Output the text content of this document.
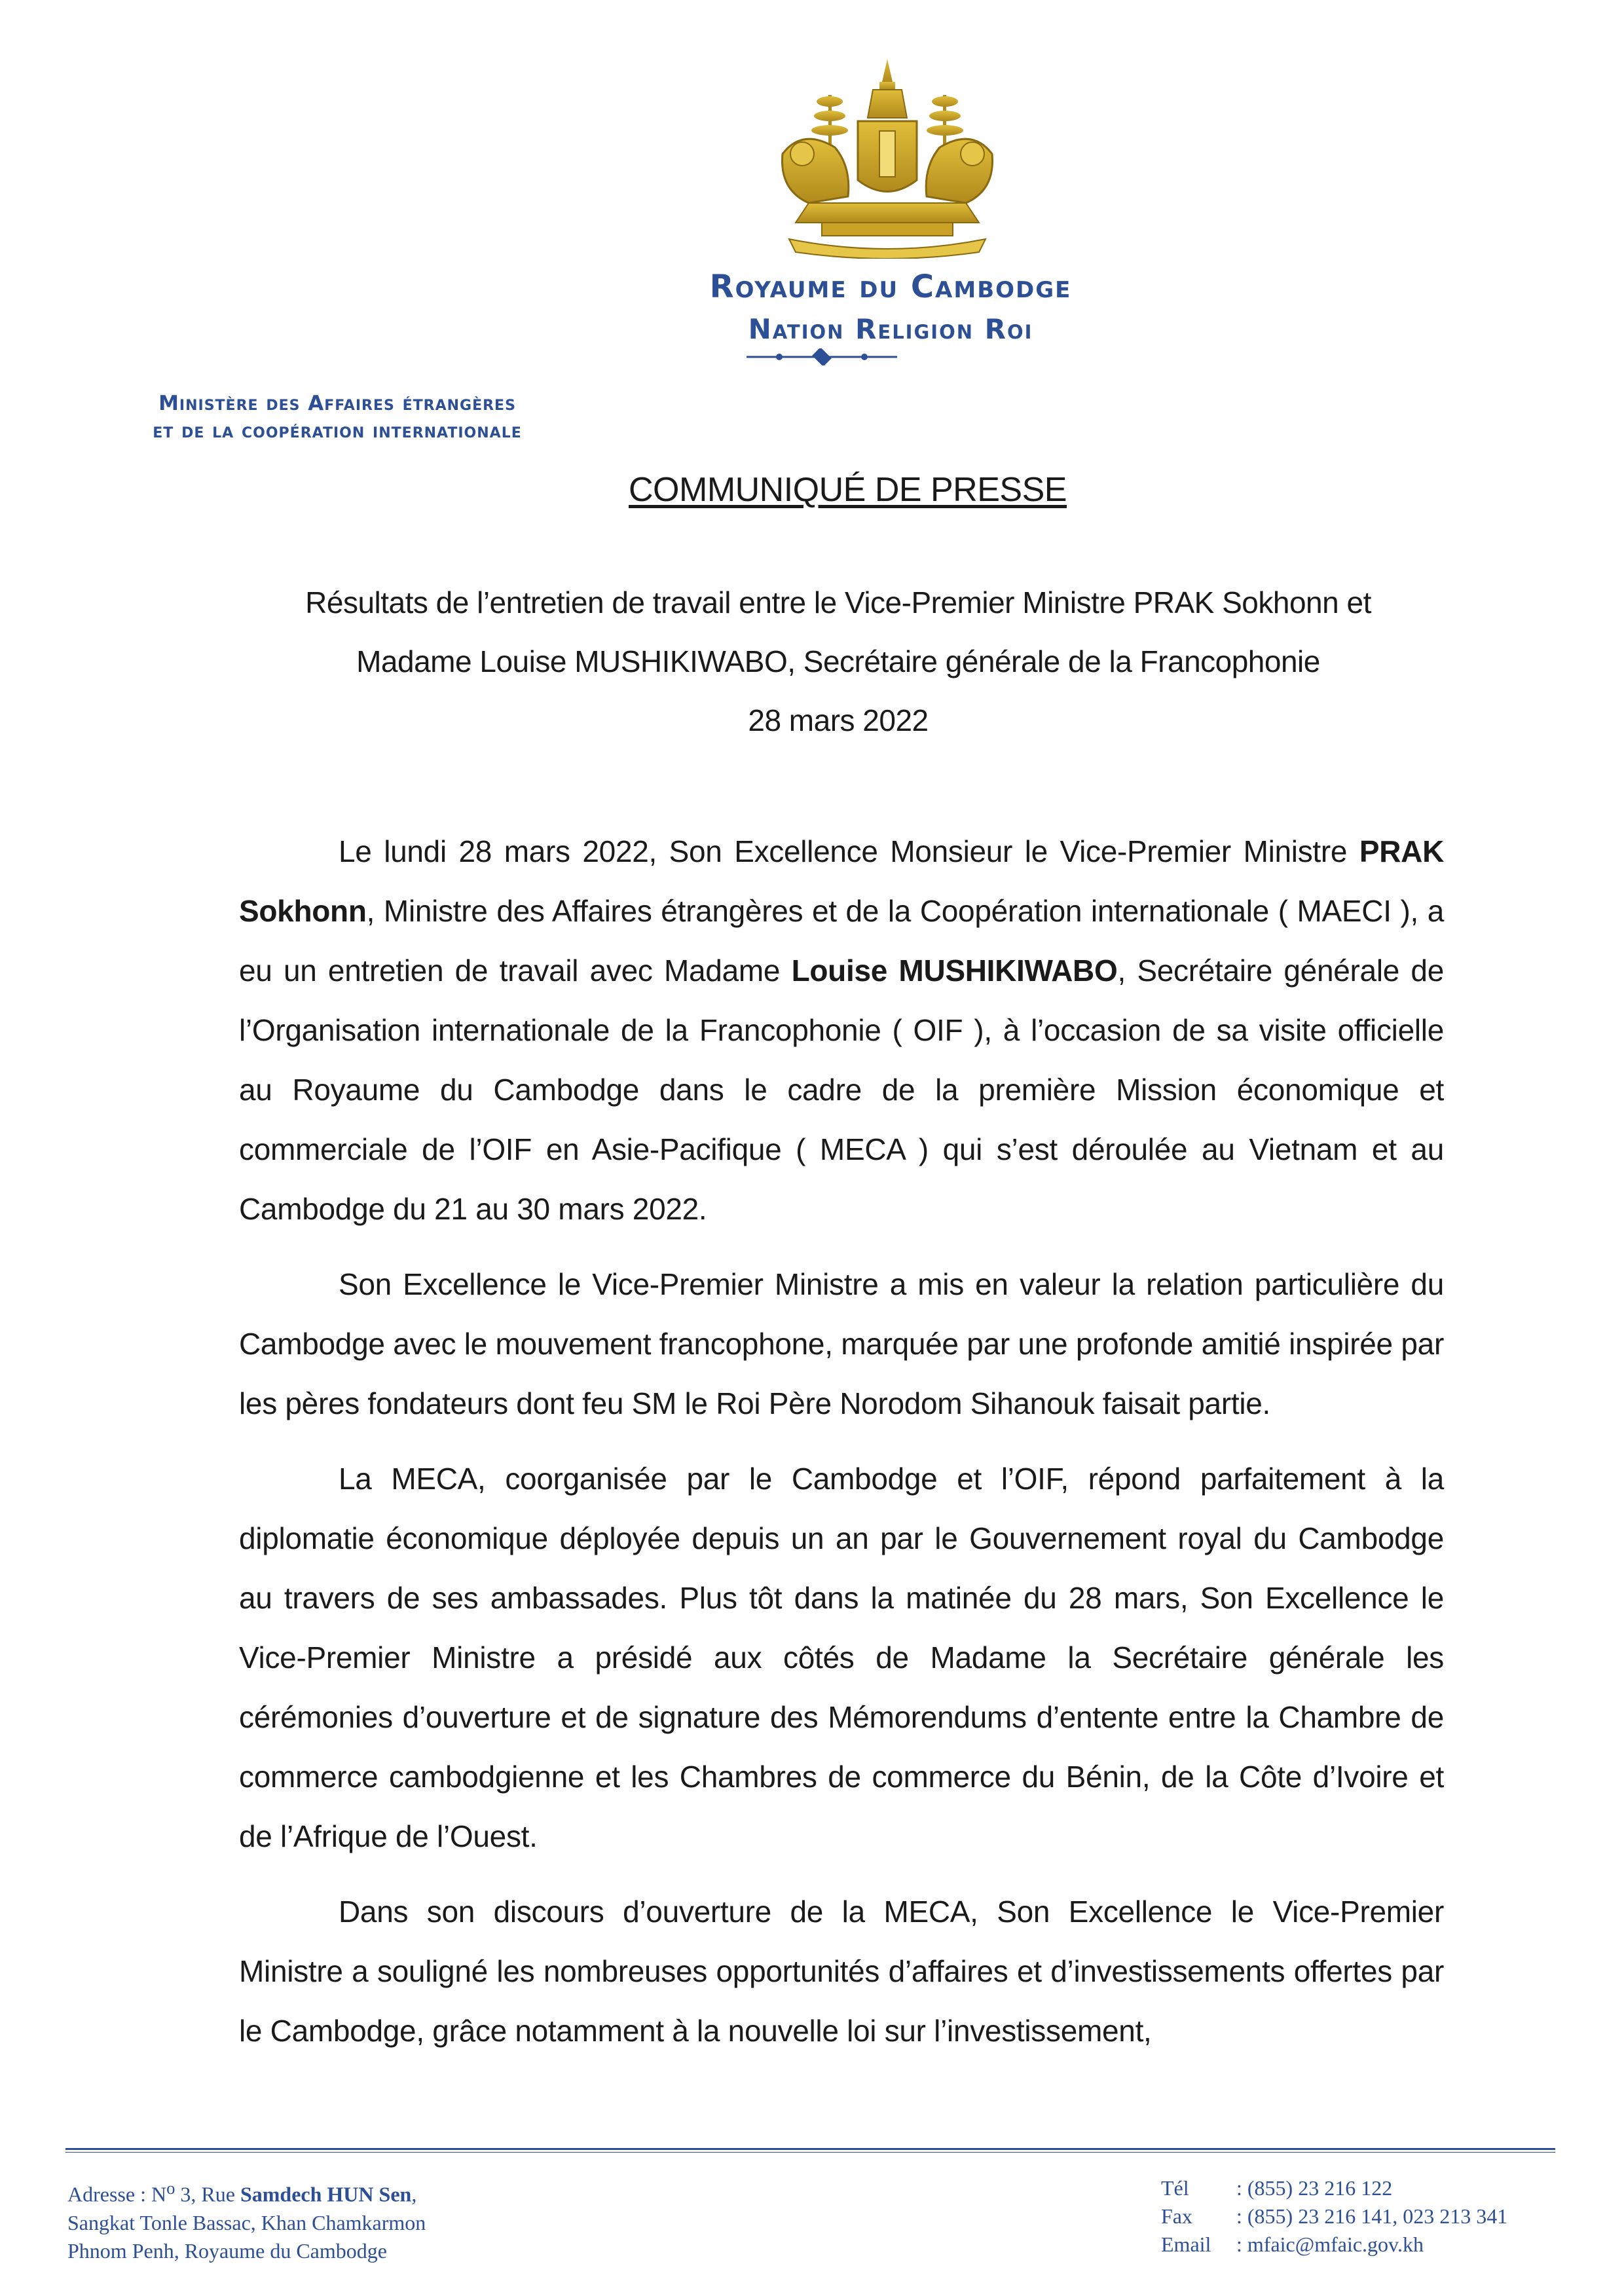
Royaume du Cambodge
Nation Religion Roi
Ministère des Affaires étrangères
et de la coopération internationale
COMMUNIQUÉ DE PRESSE
Résultats de l’entretien de travail entre le Vice-Premier Ministre PRAK Sokhonn et
Madame Louise MUSHIKIWABO, Secrétaire générale de la Francophonie
28 mars 2022

Le lundi 28 mars 2022, Son Excellence Monsieur le Vice-Premier Ministre PRAK Sokhonn, Ministre des Affaires étrangères et de la Coopération internationale ( MAECI ), a eu un entretien de travail avec Madame Louise MUSHIKIWABO, Secrétaire générale de l’Organisation internationale de la Francophonie ( OIF ), à l’occasion de sa visite officielle au Royaume du Cambodge dans le cadre de la première Mission économique et commerciale de l’OIF en Asie-Pacifique ( MECA ) qui s’est déroulée au Vietnam et au Cambodge du 21 au 30 mars 2022.

Son Excellence le Vice-Premier Ministre a mis en valeur la relation particulière du Cambodge avec le mouvement francophone, marquée par une profonde amitié inspirée par les pères fondateurs dont feu SM le Roi Père Norodom Sihanouk faisait partie.

La MECA, coorganisée par le Cambodge et l’OIF, répond parfaitement à la diplomatie économique déployée depuis un an par le Gouvernement royal du Cambodge au travers de ses ambassades. Plus tôt dans la matinée du 28 mars, Son Excellence le Vice-Premier Ministre a présidé aux côtés de Madame la Secrétaire générale les cérémonies d’ouverture et de signature des Mémorendums d’entente entre la Chambre de commerce cambodgienne et les Chambres de commerce du Bénin, de la Côte d’Ivoire et de l’Afrique de l’Ouest.

Dans son discours d’ouverture de la MECA, Son Excellence le Vice-Premier Ministre a souligné les nombreuses opportunités d’affaires et d’investissements offertes par le Cambodge, grâce notamment à la nouvelle loi sur l’investissement,

Adresse : $N^o$ 3, Rue Samdech HUN Sen,
Sangkat Tonle Bassac, Khan Chamkarmon
Phnom Penh, Royaume du Cambodge
Tél	: (855) 23 216 122
Fax	: (855) 23 216 141, 023 213 341
Email	: mfaic@mfaic.gov.kh
